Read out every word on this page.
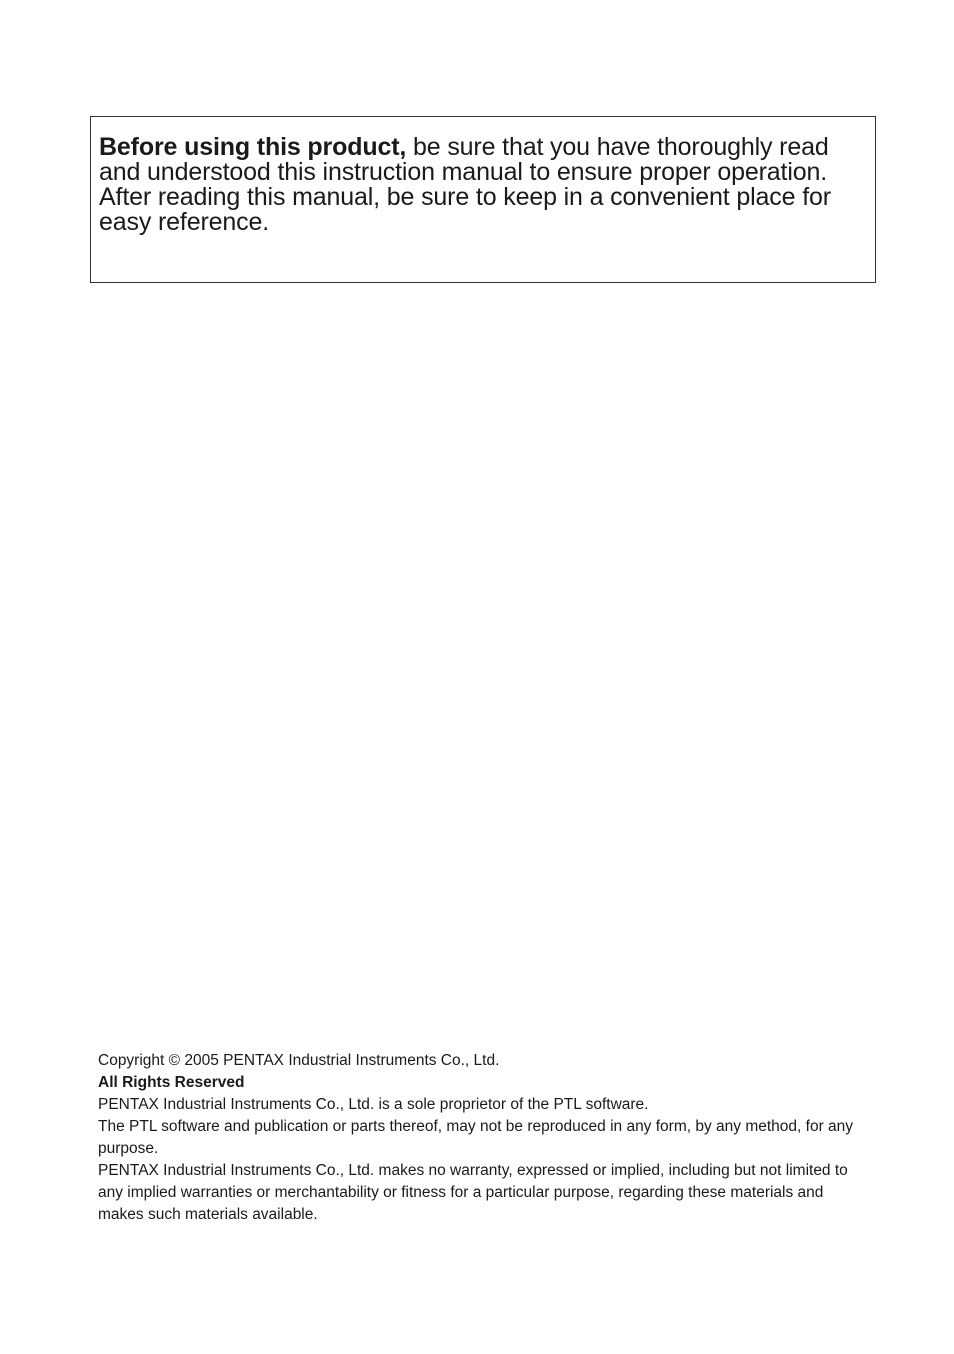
Before using this product, be sure that you have thoroughly read and understood this instruction manual to ensure proper operation.

After reading this manual, be sure to keep in a convenient place for easy reference.

Copyright © 2005 PENTAX Industrial Instruments Co., Ltd.

All Rights Reserved

PENTAX Industrial Instruments Co., Ltd. is a sole proprietor of the PTL software.

The PTL software and publication or parts thereof, may not be reproduced in any form, by any method, for any purpose.

PENTAX Industrial Instruments Co., Ltd. makes no warranty, expressed or implied, including but not limited to any implied warranties or merchantability or fitness for a particular purpose, regarding these materials and makes such materials available.
